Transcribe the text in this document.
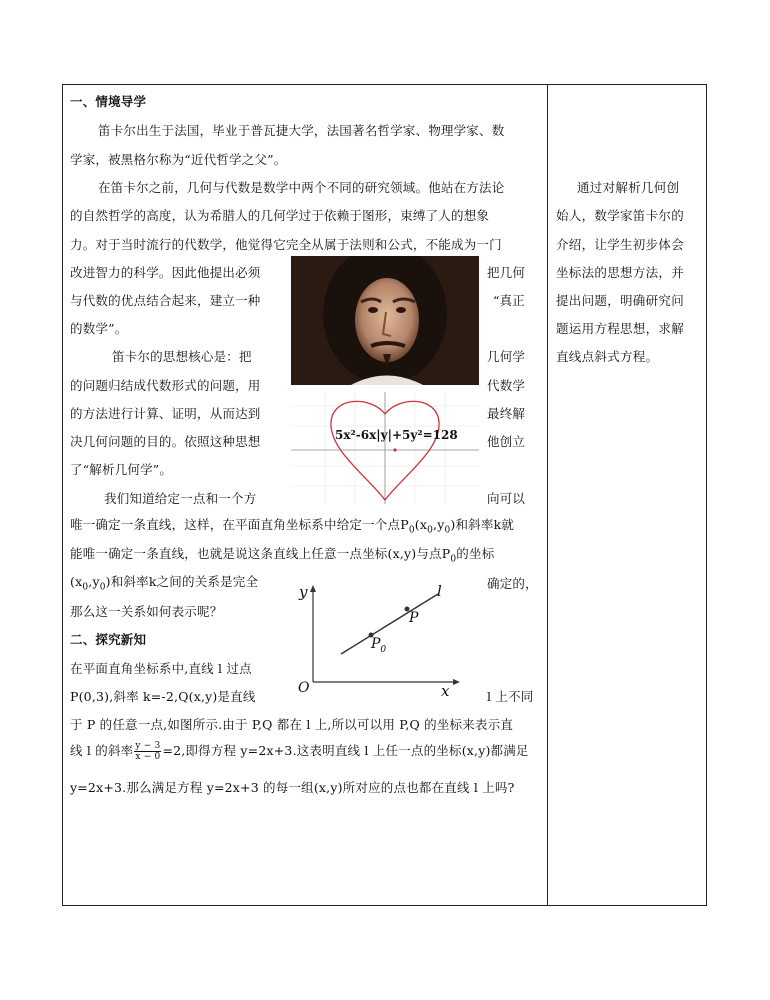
一、情境导学
笛卡尔出生于法国，毕业于普瓦捷大学，法国著名哲学家、物理学家、数
学家，被黑格尔称为“近代哲学之父”。
在笛卡尔之前，几何与代数是数学中两个不同的研究领域。他站在方法论
的自然哲学的高度，认为希腊人的几何学过于依赖于图形，束缚了人的想象
力。对于当时流行的代数学，他觉得它完全从属于法则和公式，不能成为一门
改进智力的科学。因此他提出必须	把几何
与代数的优点结合起来，建立一种	“真正
的数学”。
笛卡尔的思想核心是：把	几何学
的问题归结成代数形式的问题，用	代数学
的方法进行计算、证明，从而达到	最终解
决几何问题的目的。依照这种思想	他创立
了“解析几何学”。
我们知道给定一点和一个方	向可以
唯一确定一条直线，这样，在平面直角坐标系中给定一个点$P_0(x_0,y_0)$和斜率k就
能唯一确定一条直线，也就是说这条直线上任意一点坐标(x,y)与点$P_0$的坐标
$(x_0,y_0)$和斜率k之间的关系是完全	确定的，
那么这一关系如何表示呢？
二、探究新知
在平面直角坐标系中,直线 l 过点
P(0,3),斜率 k=-2,Q(x,y)是直线	l 上不同
于 P 的任意一点,如图所示.由于 P,Q 都在 l 上,所以可以用 P,Q 的坐标来表示直
线 l 的斜率 $\frac{y - 3}{x - 0} =2$,即得方程 y=2x+3.这表明直线 l 上任一点的坐标(x,y)都满足
y=2x+3.那么满足方程 y=2x+3 的每一组(x,y)所对应的点也都在直线 l 上吗?
5x²-6x|y|+5y²=128
y
x
O
l
P
$P_0$
通过对解析几何创
始人，数学家笛卡尔的
介绍，让学生初步体会
坐标法的思想方法，并
提出问题，明确研究问
题运用方程思想，求解
直线点斜式方程。
